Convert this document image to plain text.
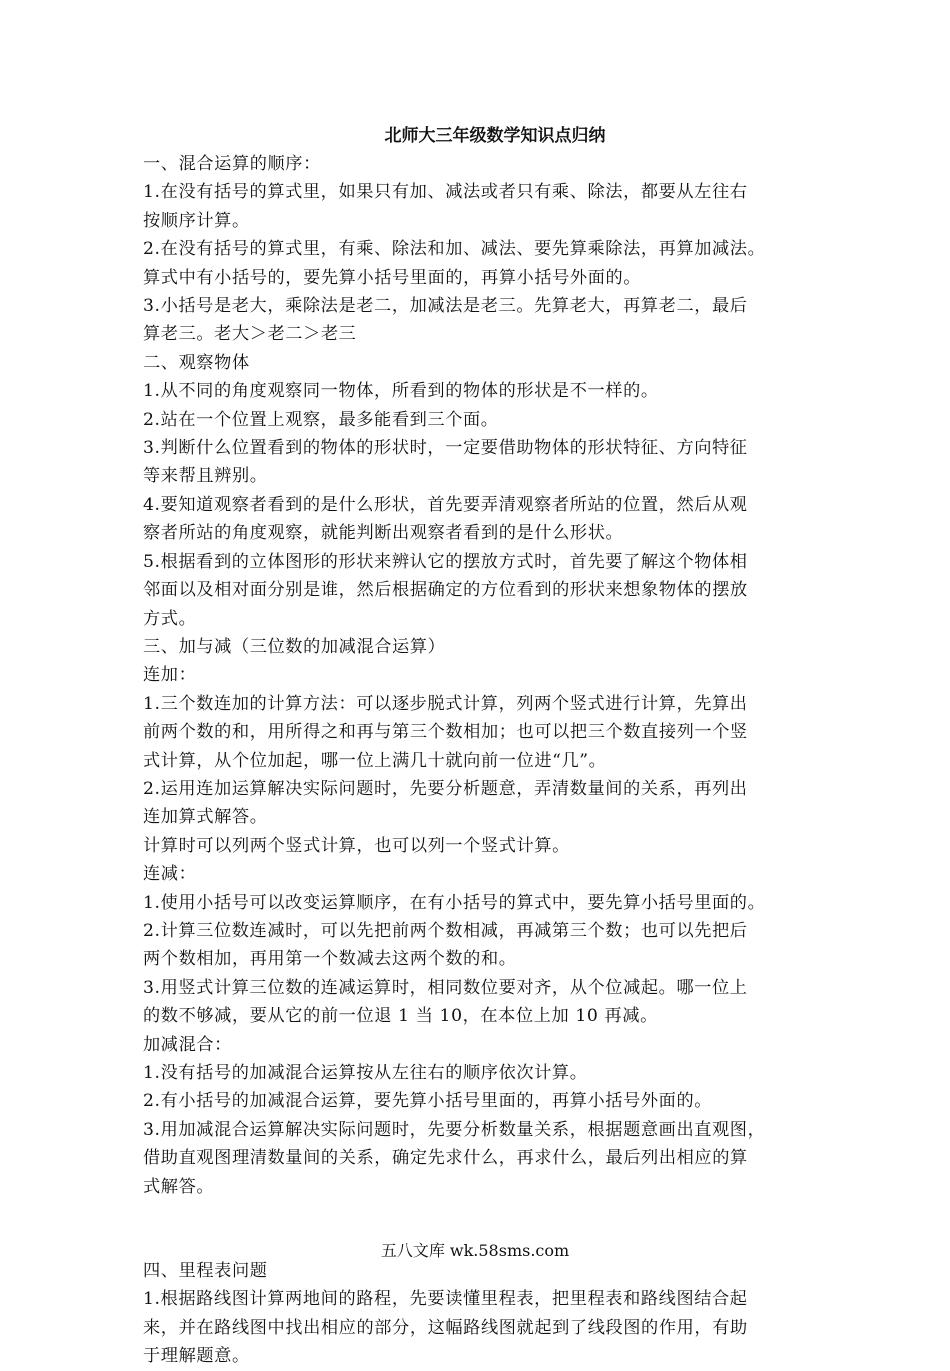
北师大三年级数学知识点归纳
一、混合运算的顺序：
1.在没有括号的算式里，如果只有加、减法或者只有乘、除法，都要从左往右
按顺序计算。
2.在没有括号的算式里，有乘、除法和加、减法、要先算乘除法，再算加减法。
算式中有小括号的，要先算小括号里面的，再算小括号外面的。
3.小括号是老大，乘除法是老二，加减法是老三。先算老大，再算老二，最后
算老三。老大＞老二＞老三
二、观察物体
1.从不同的角度观察同一物体，所看到的物体的形状是不一样的。
2.站在一个位置上观察，最多能看到三个面。
3.判断什么位置看到的物体的形状时，一定要借助物体的形状特征、方向特征
等来帮且辨别。
4.要知道观察者看到的是什么形状，首先要弄清观察者所站的位置，然后从观
察者所站的角度观察，就能判断出观察者看到的是什么形状。
5.根据看到的立体图形的形状来辨认它的摆放方式时，首先要了解这个物体相
邻面以及相对面分别是谁，然后根据确定的方位看到的形状来想象物体的摆放
方式。
三、加与减（三位数的加减混合运算）
连加：
1.三个数连加的计算方法：可以逐步脱式计算，列两个竖式进行计算，先算出
前两个数的和，用所得之和再与第三个数相加；也可以把三个数直接列一个竖
式计算，从个位加起，哪一位上满几十就向前一位进“几”。
2.运用连加运算解决实际问题时，先要分析题意，弄清数量间的关系，再列出
连加算式解答。
计算时可以列两个竖式计算，也可以列一个竖式计算。
连减：
1.使用小括号可以改变运算顺序，在有小括号的算式中，要先算小括号里面的。
2.计算三位数连减时，可以先把前两个数相减，再减第三个数；也可以先把后
两个数相加，再用第一个数减去这两个数的和。
3.用竖式计算三位数的连减运算时，相同数位要对齐，从个位减起。哪一位上
的数不够减，要从它的前一位退 1 当 10，在本位上加 10 再减。
加减混合：
1.没有括号的加减混合运算按从左往右的顺序依次计算。
2.有小括号的加减混合运算，要先算小括号里面的，再算小括号外面的。
3.用加减混合运算解决实际问题时，先要分析数量关系，根据题意画出直观图，
借助直观图理清数量间的关系，确定先求什么，再求什么，最后列出相应的算
式解答。
四、里程表问题
1.根据路线图计算两地间的路程，先要读懂里程表，把里程表和路线图结合起
来，并在路线图中找出相应的部分，这幅路线图就起到了线段图的作用，有助
于理解题意。
五八文库 wk.58sms.com
